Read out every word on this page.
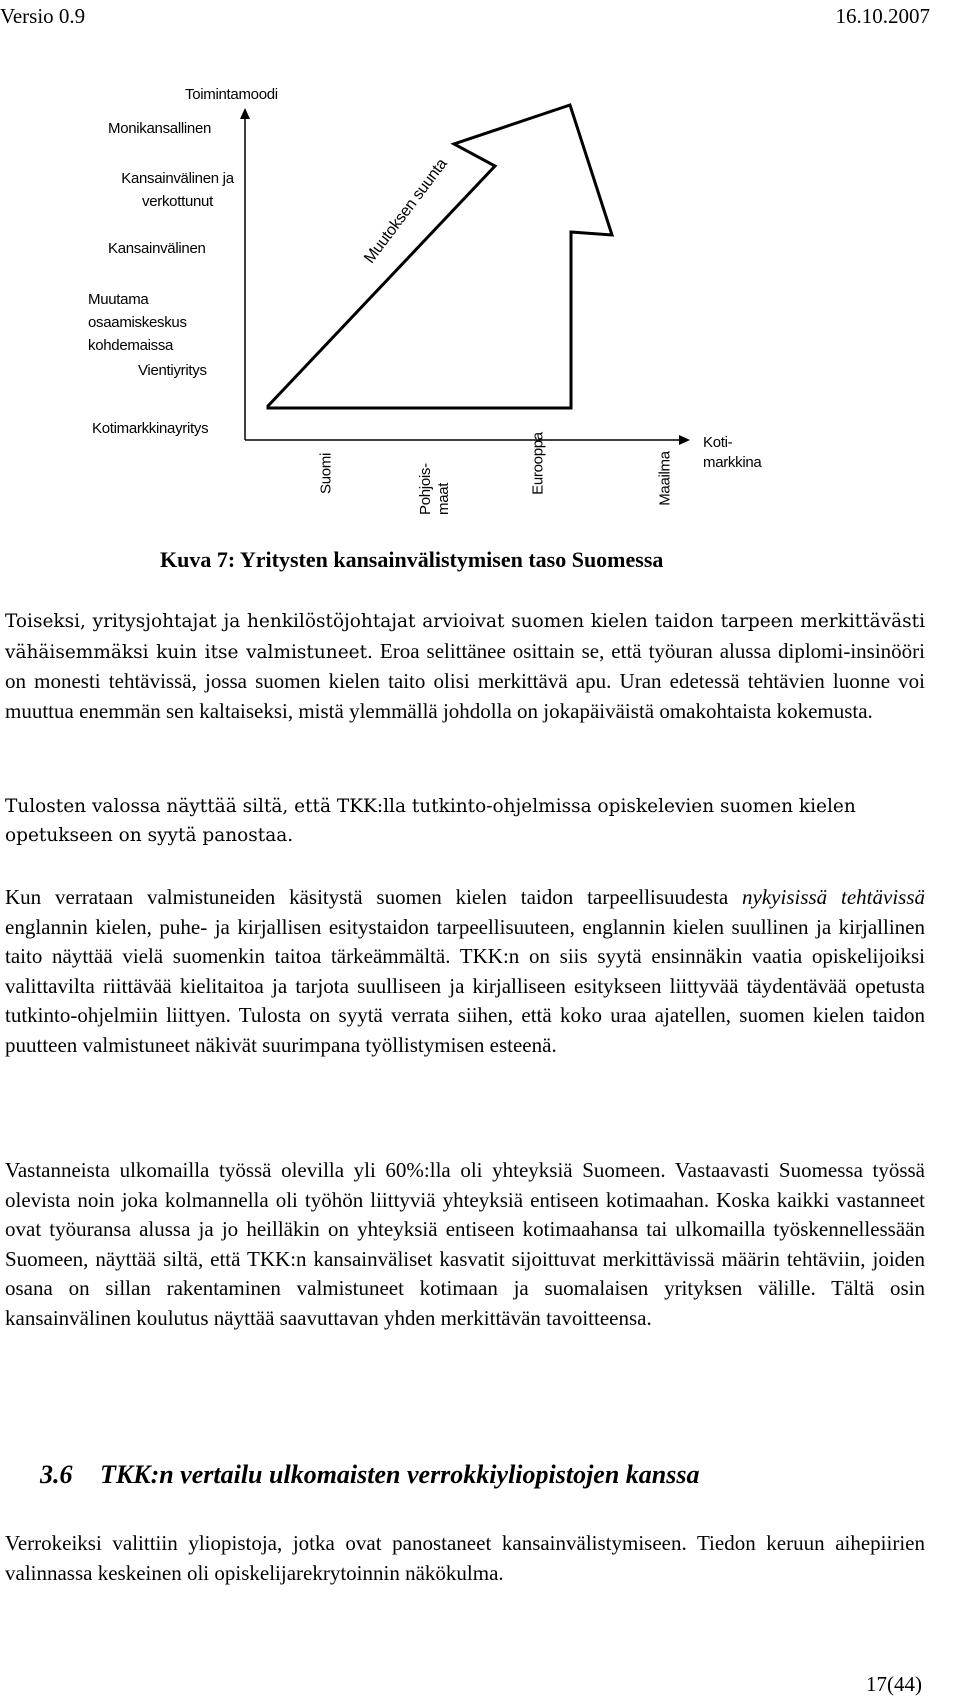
Versio 0.9	16.10.2007
Toimintamoodi
Monikansallinen
Kansainvälinen ja verkottunut
Kansainvälinen
Muutama osaamiskeskus kohdemaissa
Vientiyritys
Kotimarkkinayritys
Suomi	Pohjois-maat
Eurooppa	Maailma
Koti-markkina
Muutoksen suunta
Kuva 7: Yritysten kansainvälistymisen taso Suomessa
Toiseksi, yritysjohtajat ja henkilöstöjohtajat arvioivat suomen kielen taidon tarpeen merkittävästi vähäisemmäksi kuin itse valmistuneet. Eroa selittänee osittain se, että työuran alussa diplomi-insinööri on monesti tehtävissä, jossa suomen kielen taito olisi merkittävä apu. Uran edetessä tehtävien luonne voi muuttua enemmän sen kaltaiseksi, mistä ylemmällä johdolla on jokapäiväistä omakohtaista kokemusta.
Tulosten valossa näyttää siltä, että TKK:lla tutkinto-ohjelmissa opiskelevien suomen kielen opetukseen on syytä panostaa.
Kun verrataan valmistuneiden käsitystä suomen kielen taidon tarpeellisuudesta nykyisissä tehtävissä englannin kielen, puhe- ja kirjallisen esitystaidon tarpeellisuuteen, englannin kielen suullinen ja kirjallinen taito näyttää vielä suomenkin taitoa tärkeämmältä. TKK:n on siis syytä ensinnäkin vaatia opiskelijoiksi valittavilta riittävää kielitaitoa ja tarjota suulliseen ja kirjalliseen esitykseen liittyvää täydentävää opetusta tutkinto-ohjelmiin liittyen. Tulosta on syytä verrata siihen, että koko uraa ajatellen, suomen kielen taidon puutteen valmistuneet näkivät suurimpana työllistymisen esteenä.
Vastanneista ulkomailla työssä olevilla yli 60%:lla oli yhteyksiä Suomeen. Vastaavasti Suomessa työssä olevista noin joka kolmannella oli työhön liittyviä yhteyksiä entiseen kotimaahan. Koska kaikki vastanneet ovat työuransa alussa ja jo heilläkin on yhteyksiä entiseen kotimaahansa tai ulkomailla työskennellessään Suomeen, näyttää siltä, että TKK:n kansainväliset kasvatit sijoittuvat merkittävissä määrin tehtäviin, joiden osana on sillan rakentaminen valmistuneet kotimaan ja suomalaisen yrityksen välille. Tältä osin kansainvälinen koulutus näyttää saavuttavan yhden merkittävän tavoitteensa.
3.6 TKK:n vertailu ulkomaisten verrokkiyliopistojen kanssa
Verrokeiksi valittiin yliopistoja, jotka ovat panostaneet kansainvälistymiseen. Tiedon keruun aihepiirien valinnassa keskeinen oli opiskelijarekrytoinnin näkökulma.
17(44)
